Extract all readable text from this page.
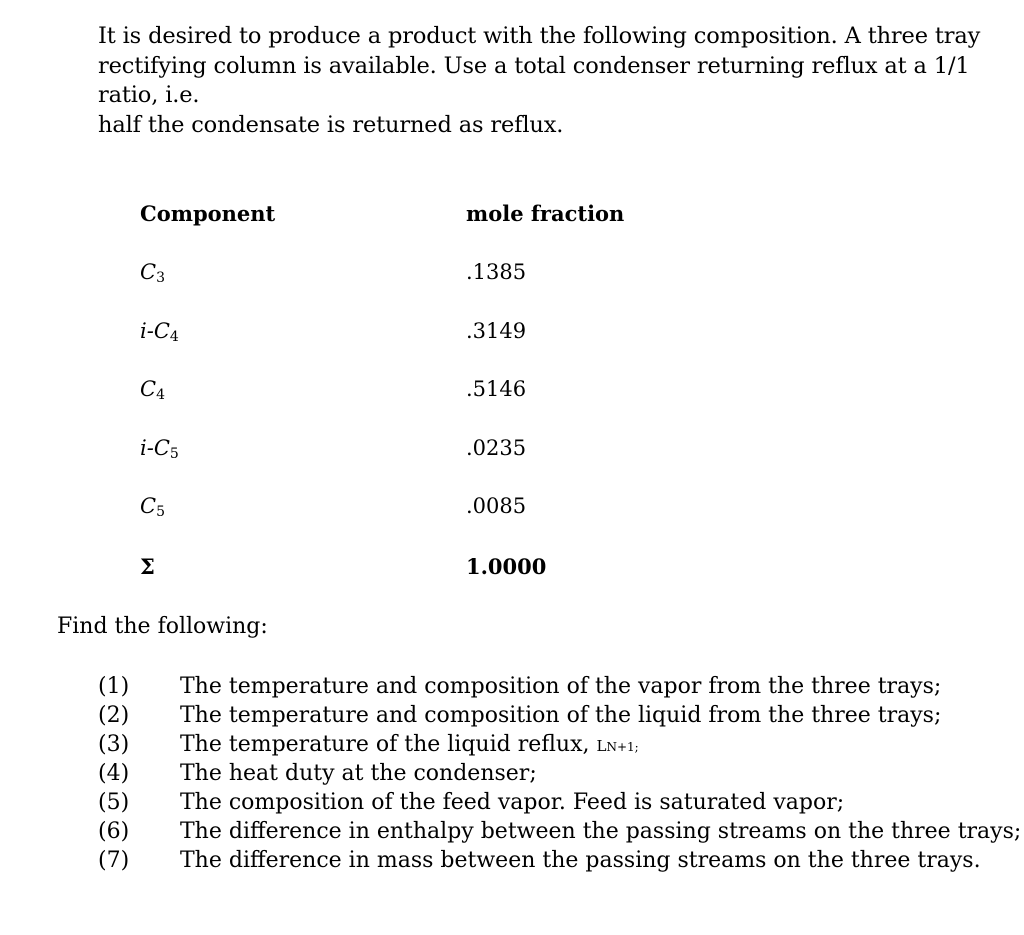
It is desired to produce a product with the following composition. A three tray

rectifying column is available. Use a total condenser returning reflux at a 1/1 ratio, i.e.

half the condensate is returned as reflux.

Component	mole fraction
$C_3$	.1385
$i-C_4$	.3149
$C_4$	.5146
$i-C_5$	.0235
$C_5$	.0085
Σ	1.0000
Find the following:
(1) The temperature and composition of the vapor from the three trays;
(2) The temperature and composition of the liquid from the three trays;
(3) The temperature of the liquid reflux, LN+1;
(4) The heat duty at the condenser;
(5) The composition of the feed vapor. Feed is saturated vapor;
(6) The difference in enthalpy between the passing streams on the three trays;
(7) The difference in mass between the passing streams on the three trays.
